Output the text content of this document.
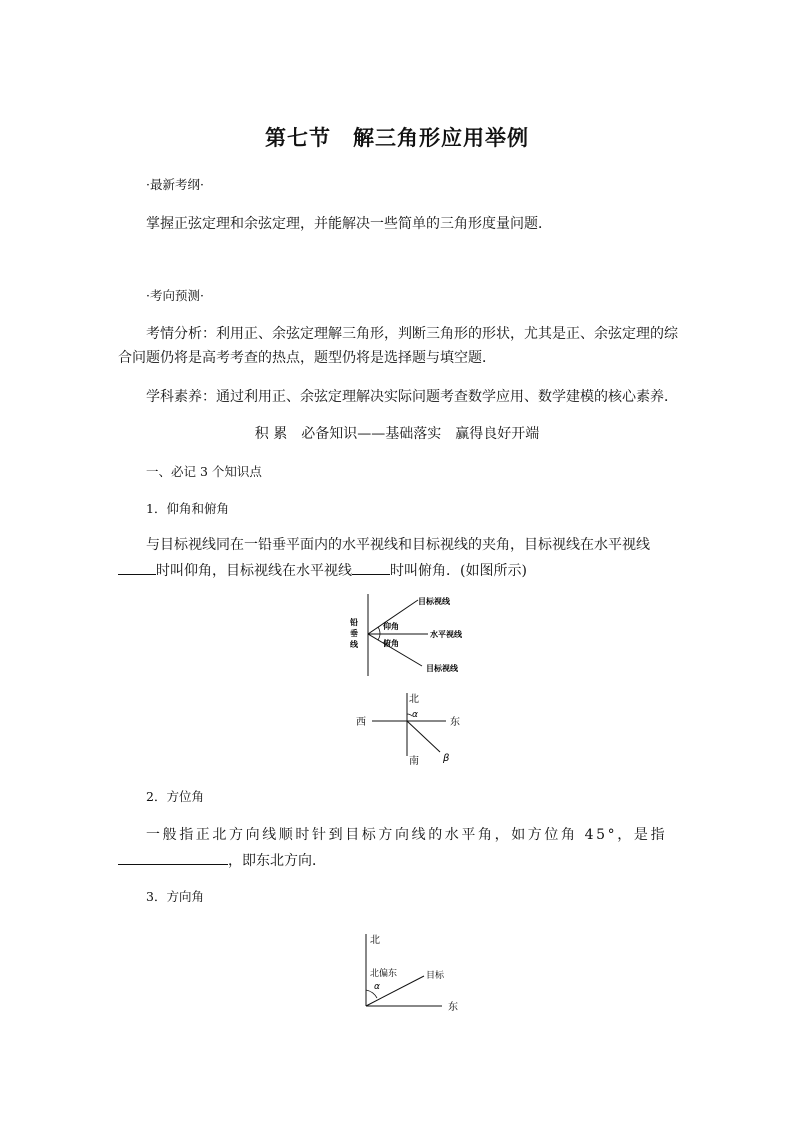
第七节　解三角形应用举例
·最新考纲·
掌握正弦定理和余弦定理，并能解决一些简单的三角形度量问题．
·考向预测·
考情分析：利用正、余弦定理解三角形，判断三角形的形状，尤其是正、余弦定理的综
合问题仍将是高考考查的热点，题型仍将是选择题与填空题．
学科素养：通过利用正、余弦定理解决实际问题考查数学应用、数学建模的核心素养．
积 累　必备知识——基础落实　赢得良好开端
一、必记 3 个知识点
1．仰角和俯角
与目标视线同在一铅垂平面内的水平视线和目标视线的夹角，目标视线在水平视线
时叫仰角，目标视线在水平视线	时叫俯角．(如图所示)
铅
垂
线
目标视线
仰角
水平视线
俯角
目标视线
北
西	东
南
α
β
2．方位角
一般指正北方向线顺时针到目标方向线的水平角，如方位角 45°，是指
，即东北方向．
3．方向角
北
北偏东	目标
α
东
